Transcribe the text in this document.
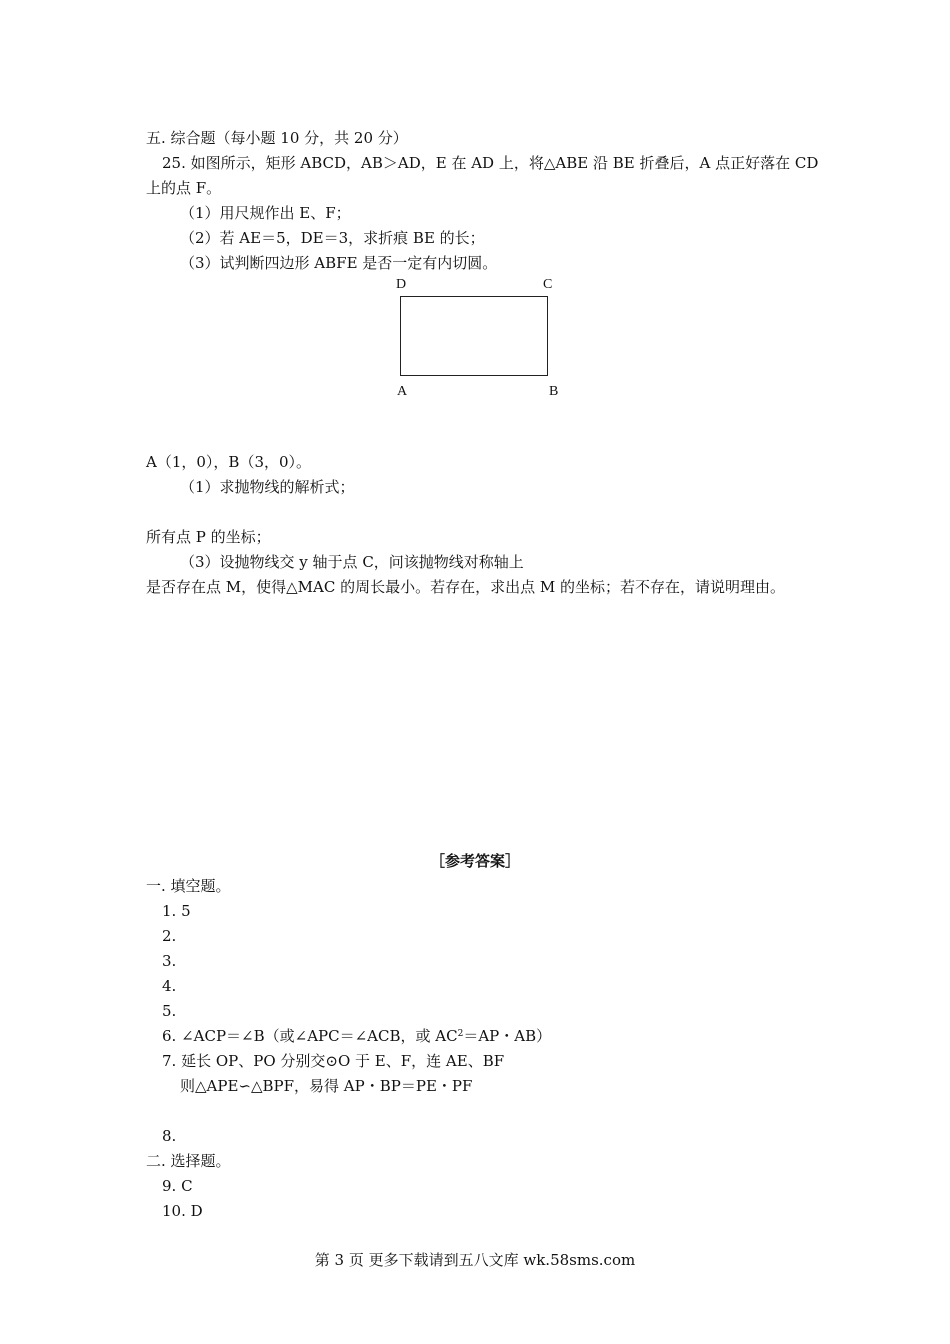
五. 综合题（每小题 10 分，共 20 分）
25. 如图所示，矩形 ABCD，AB＞AD，E 在 AD 上，将△ABE 沿 BE 折叠后，A 点正好落在 CD
上的点 F。
（1）用尺规作出 E、F；
（2）若 AE＝5，DE＝3，求折痕 BE 的长；
（3）试判断四边形 ABFE 是否一定有内切圆。
D	C
A	B
A（1，0），B（3，0）。
（1）求抛物线的解析式；
所有点 P 的坐标；
（3）设抛物线交 y 轴于点 C，问该抛物线对称轴上
是否存在点 M，使得△MAC 的周长最小。若存在，求出点 M 的坐标；若不存在，请说明理由。
［参考答案］
一. 填空题。
1. 5
2.
3.
4.
5.
6. ∠ACP＝∠B（或∠APC＝∠ACB，或 $AC^2=AP$・AB）
7. 延长 OP、PO 分别交⊙O 于 E、F，连 AE、BF
则△APE∽△BPF，易得 AP・BP＝PE・PF
8.
二. 选择题。
9. C
10. D
第 3 页 更多下载请到五八文库 wk.58sms.com
